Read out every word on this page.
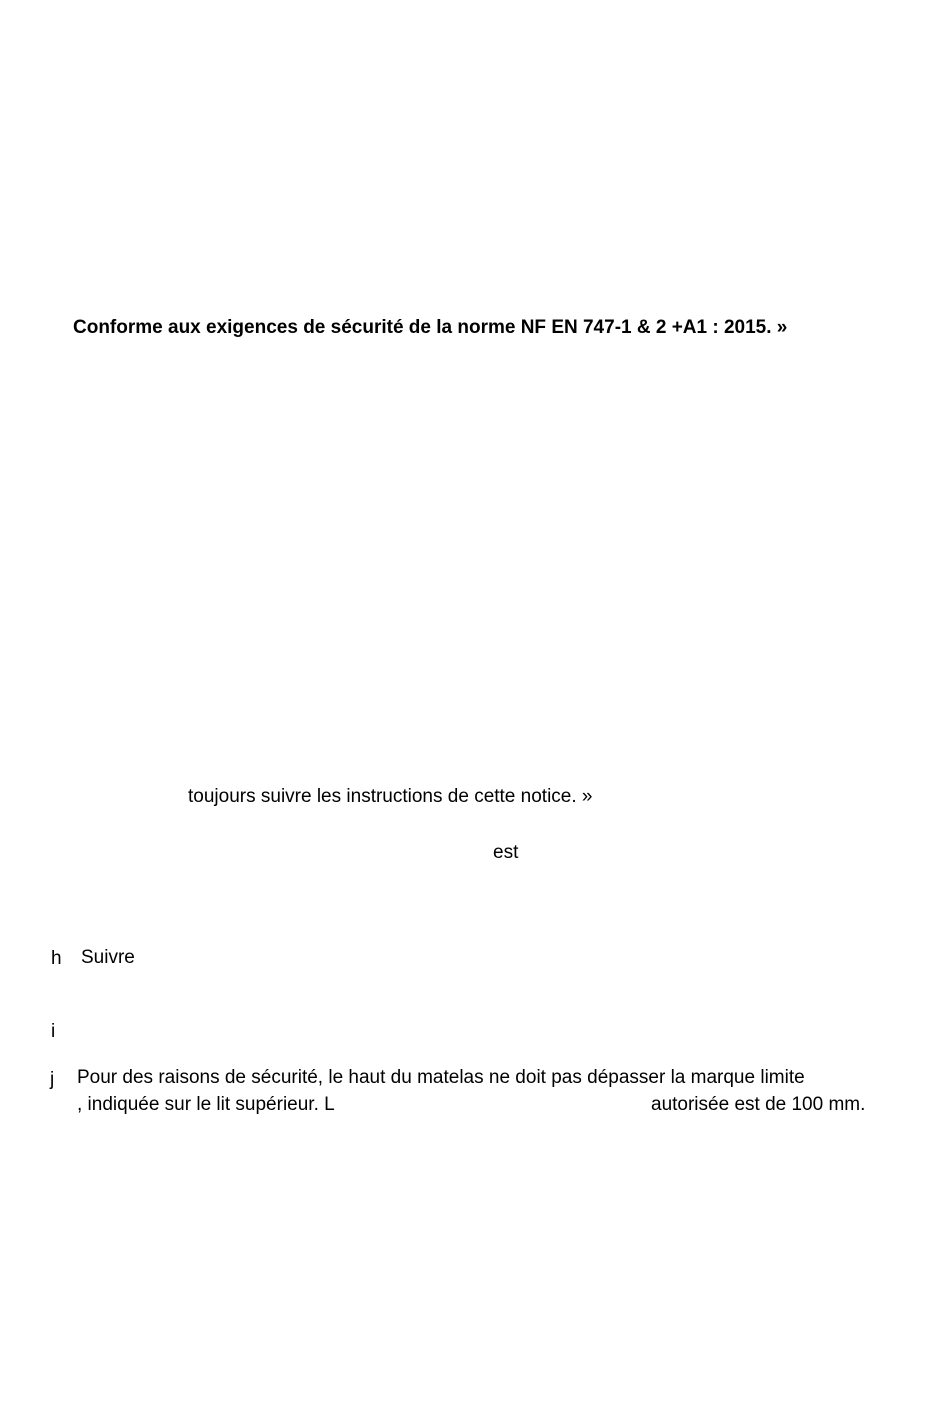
Conforme aux exigences de sécurité de la norme NF EN 747-1 & 2 +A1 : 2015. »
toujours suivre les instructions de cette notice. »
est
h Suivre
i
j Pour des raisons de sécurité, le haut du matelas ne doit pas dépasser la marque limite
, indiquée sur le lit supérieur. L	autorisée est de 100 mm.
